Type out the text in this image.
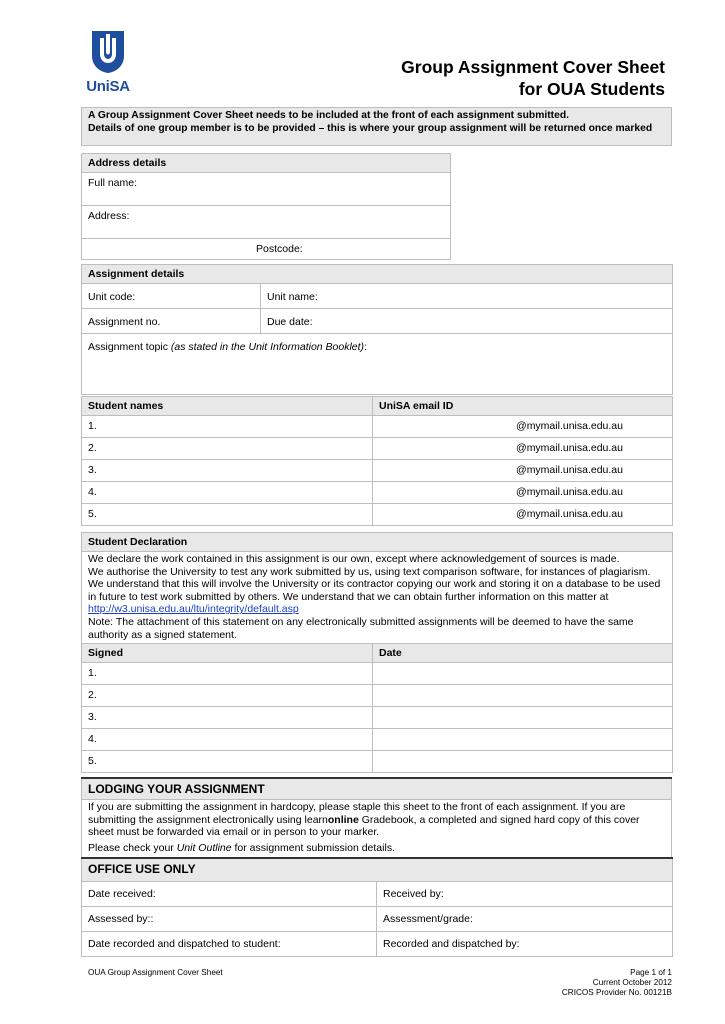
UniSA
Group Assignment Cover Sheet
for OUA Students
A Group Assignment Cover Sheet needs to be included at the front of each assignment submitted.
Details of one group member is to be provided – this is where your group assignment will be returned once marked
Address details
Full name:
Address:
Postcode:
Assignment details	
Unit code:	Unit name:
Assignment no.	Due date:
Assignment topic (as stated in the Unit Information Booklet):	
Student names	UniSA email ID
1.	@mymail.unisa.edu.au
2.	@mymail.unisa.edu.au
3.	@mymail.unisa.edu.au
4.	@mymail.unisa.edu.au
5.	@mymail.unisa.edu.au
Student Declaration	

We declare the work contained in this assignment is our own, except where acknowledgement of sources is made.
We authorise the University to test any work submitted by us, using text comparison software, for instances of plagiarism. We understand that this will involve the University or its contractor copying our work and storing it on a database to be used in future to test work submitted by others. We understand that we can obtain further information on this matter at http://w3.unisa.edu.au/ltu/integrity/default.asp
Note: The attachment of this statement on any electronically submitted assignments will be deemed to have the same authority as a signed statement.	

Signed	Date
1.	
2.	
3.	
4.	
5.	
LODGING YOUR ASSIGNMENT

If you are submitting the assignment in hardcopy, please staple this sheet to the front of each assignment. If you are submitting the assignment electronically using learnonline Gradebook, a completed and signed hard copy of this cover sheet must be forwarded via email or in person to your marker.
Please check your Unit Outline for assignment submission details.
OFFICE USE ONLY	
Date received:	Received by:
Assessed by::	Assessment/grade:
Date recorded and dispatched to student:	Recorded and dispatched by:
OUA Group Assignment Cover Sheet	Page 1 of 1
Current October 2012
CRICOS Provider No. 00121B
